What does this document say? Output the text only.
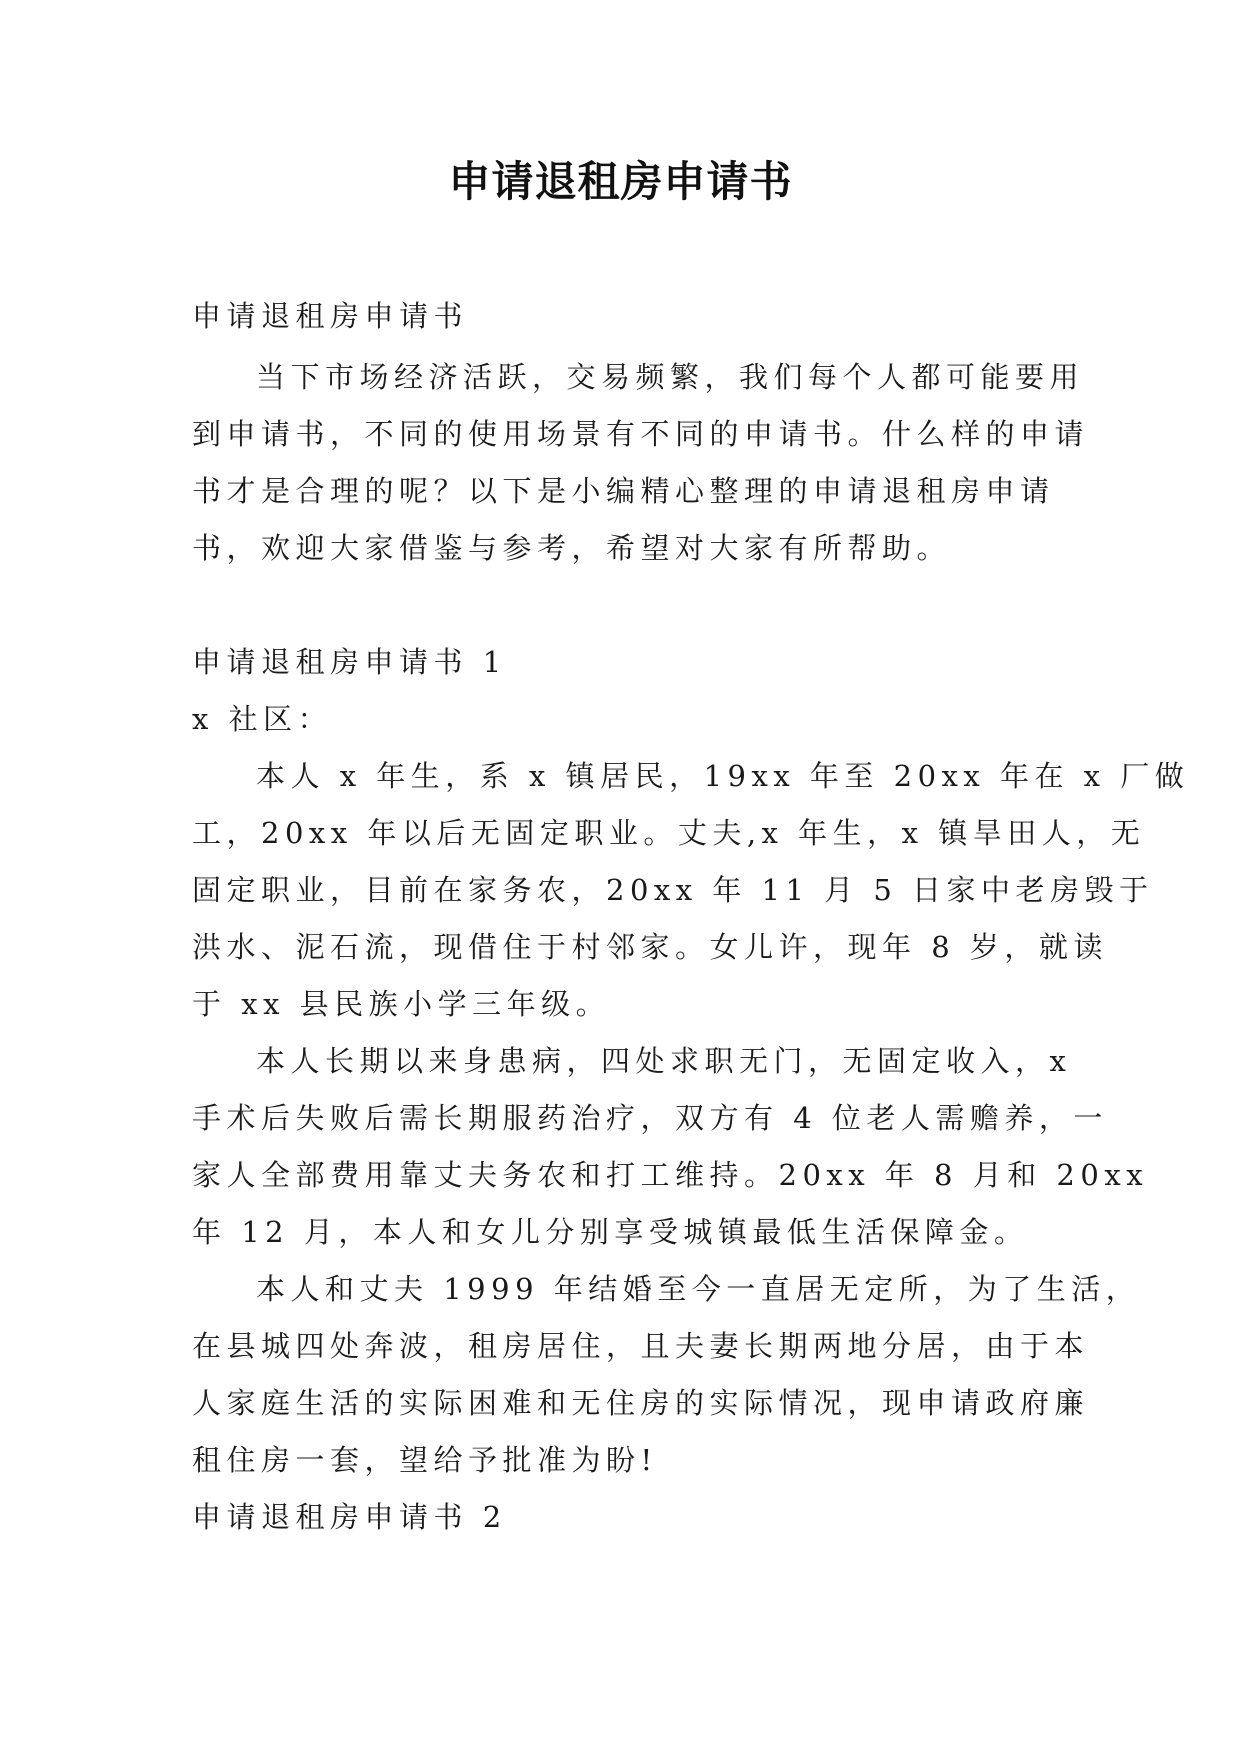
申请退租房申请书
申请退租房申请书
当下市场经济活跃，交易频繁，我们每个人都可能要用
到申请书，不同的使用场景有不同的申请书。什么样的申请
书才是合理的呢？以下是小编精心整理的申请退租房申请
书，欢迎大家借鉴与参考，希望对大家有所帮助。
申请退租房申请书 1
x 社区：
本人 x 年生，系 x 镇居民，19xx 年至 20xx 年在 x 厂做
工，20xx 年以后无固定职业。丈夫,x 年生，x 镇旱田人，无
固定职业，目前在家务农，20xx 年 11 月 5 日家中老房毁于
洪水、泥石流，现借住于村邻家。女儿许，现年 8 岁，就读
于 xx 县民族小学三年级。
本人长期以来身患病，四处求职无门，无固定收入，x
手术后失败后需长期服药治疗，双方有 4 位老人需赡养，一
家人全部费用靠丈夫务农和打工维持。20xx 年 8 月和 20xx
年 12 月，本人和女儿分别享受城镇最低生活保障金。
本人和丈夫 1999 年结婚至今一直居无定所，为了生活，
在县城四处奔波，租房居住，且夫妻长期两地分居，由于本
人家庭生活的实际困难和无住房的实际情况，现申请政府廉
租住房一套，望给予批准为盼!
申请退租房申请书 2
